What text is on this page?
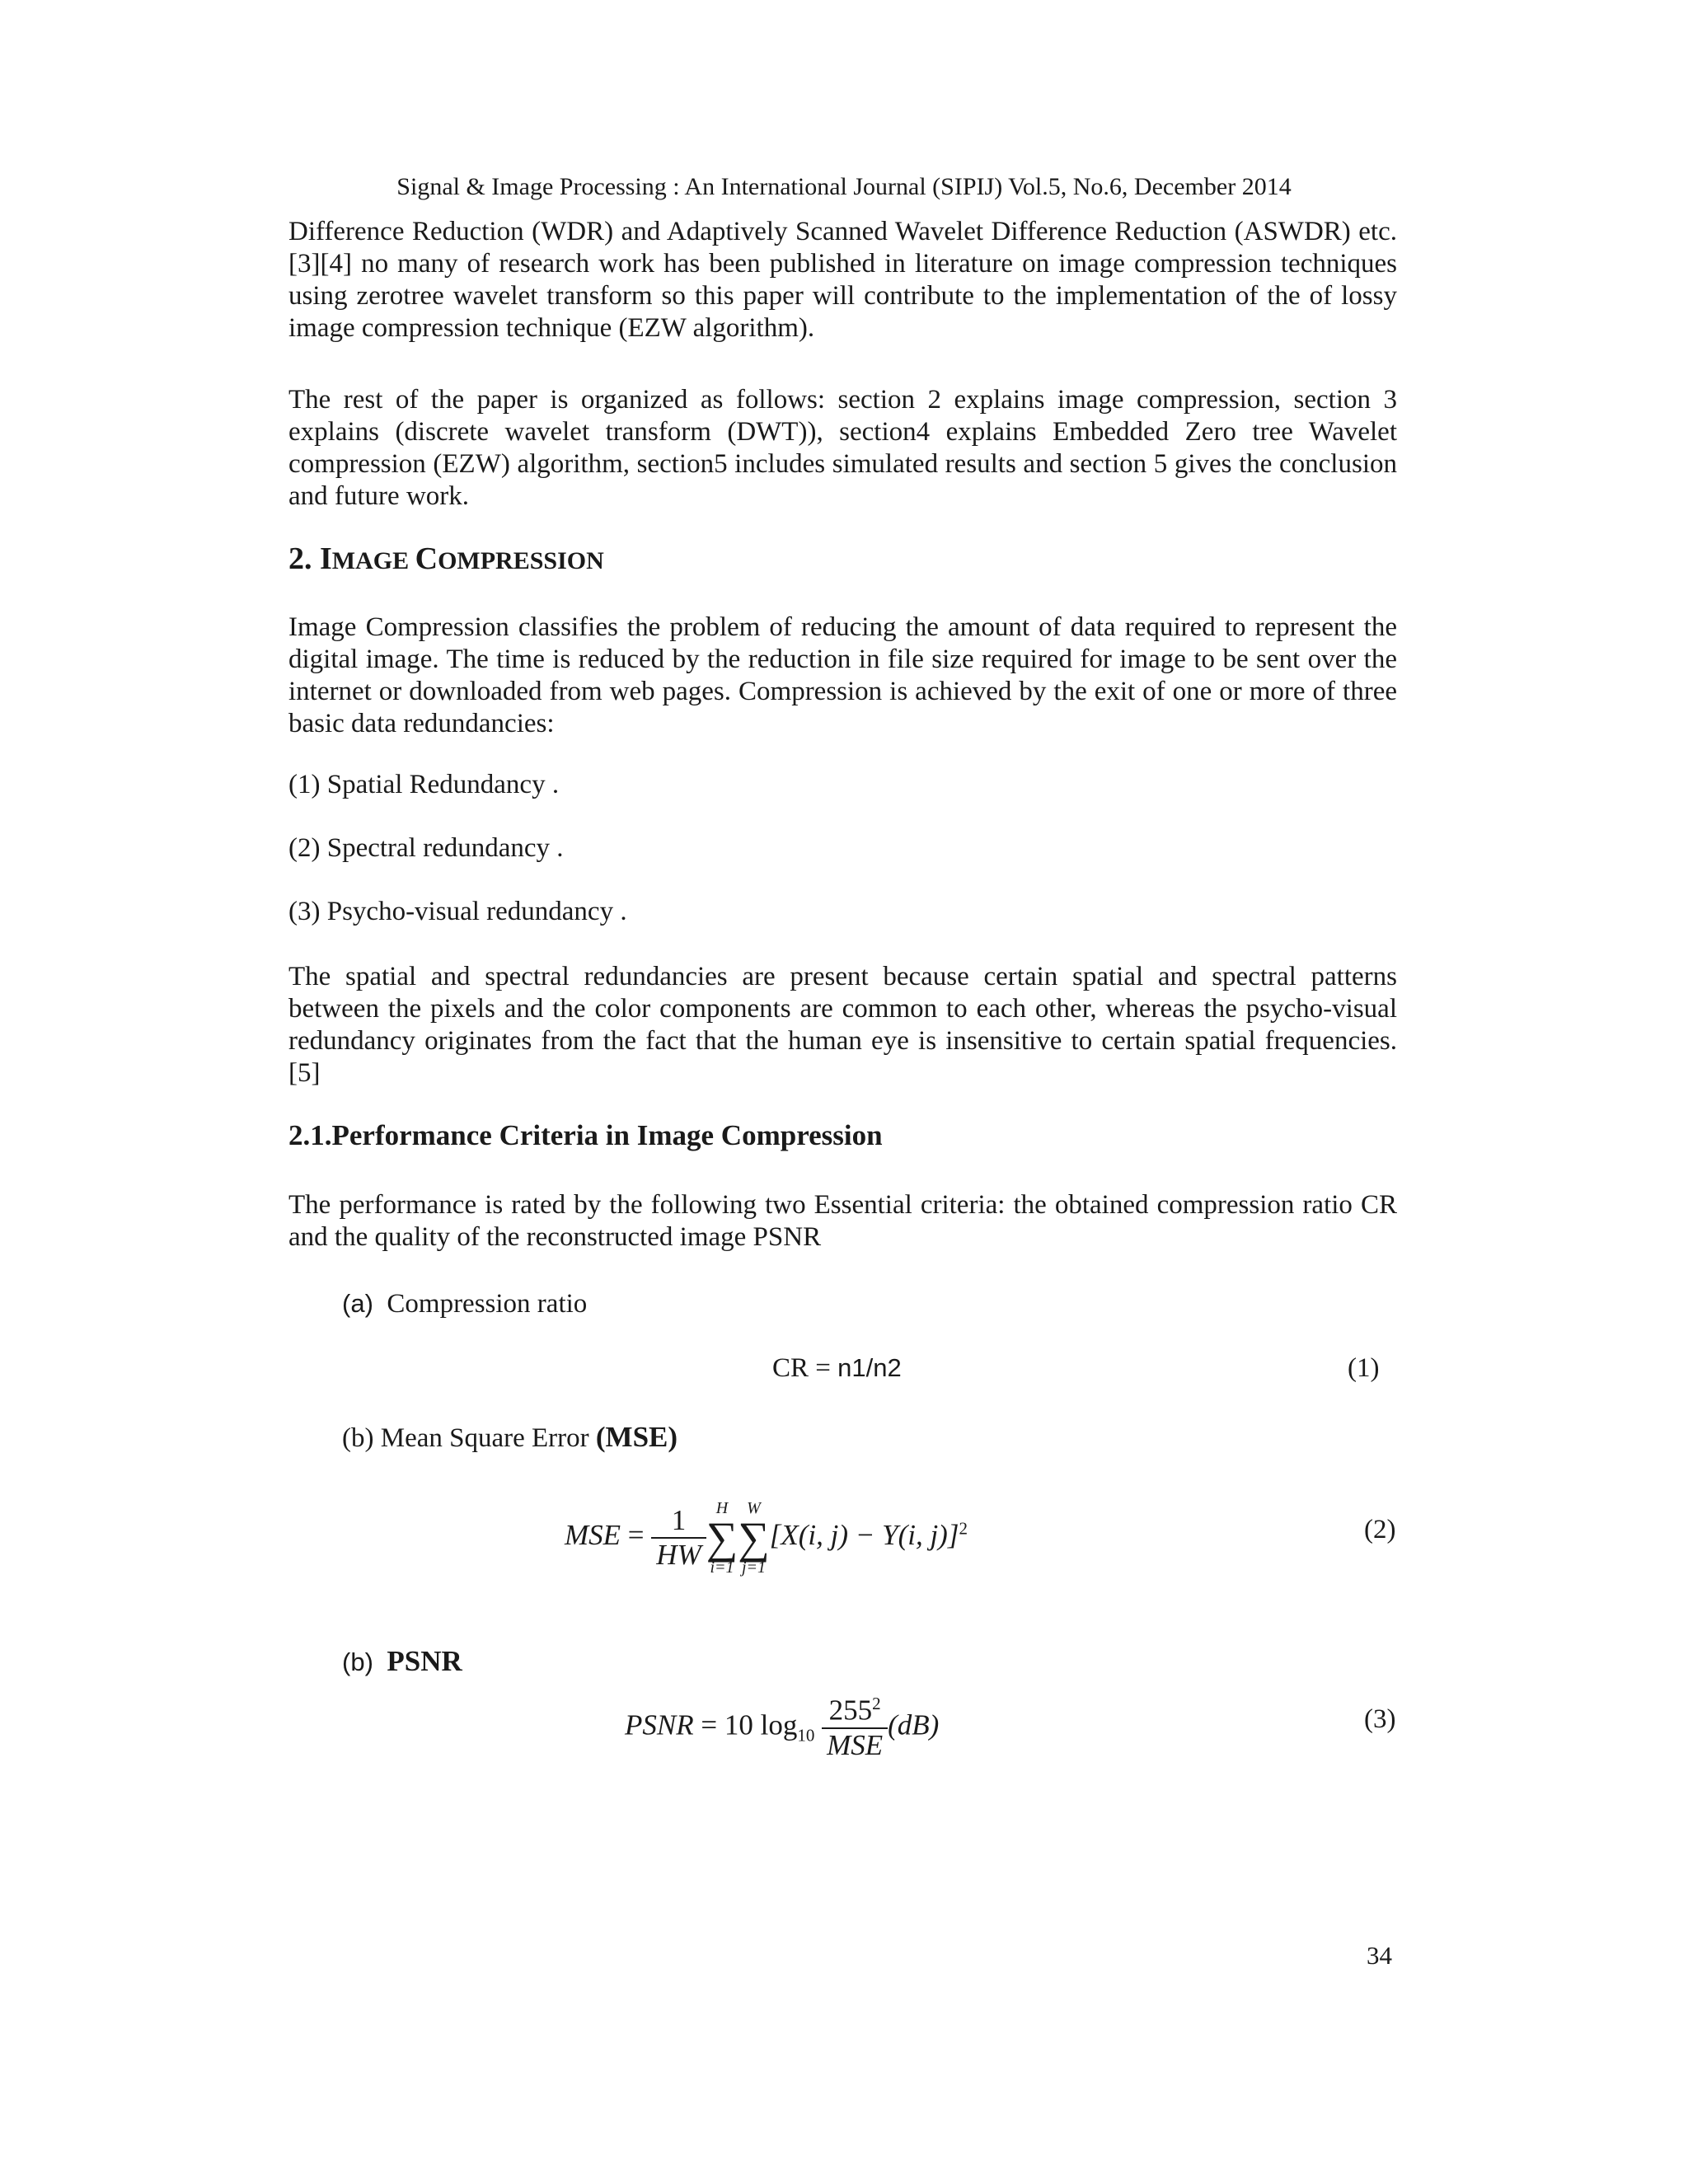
Signal & Image Processing : An International Journal (SIPIJ) Vol.5, No.6, December 2014

Difference Reduction (WDR) and Adaptively Scanned Wavelet Difference Reduction (ASWDR) etc.[3][4] no many of research work has been published in literature on image compression techniques using zerotree wavelet transform so this paper will contribute to the implementation of the of lossy image compression technique (EZW algorithm).

The rest of the paper is organized as follows: section 2 explains image compression, section 3 explains (discrete wavelet transform (DWT)), section4 explains Embedded Zero tree Wavelet compression (EZW) algorithm, section5 includes simulated results and section 5 gives the conclusion and future work.

2. IMAGE COMPRESSION

Image Compression classifies the problem of reducing the amount of data required to represent the digital image. The time is reduced by the reduction in file size required for image to be sent over the internet or downloaded from web pages. Compression is achieved by the exit of one or more of three basic data redundancies:

(1) Spatial Redundancy .
(2) Spectral redundancy .
(3) Psycho-visual redundancy .

The spatial and spectral redundancies are present because certain spatial and spectral patterns between the pixels and the color components are common to each other, whereas the psycho-visual redundancy originates from the fact that the human eye is insensitive to certain spatial frequencies. [5]

2.1.Performance Criteria in Image Compression

The performance is rated by the following two Essential criteria: the obtained compression ratio CR and the quality of the reconstructed image PSNR

(a) Compression ratio
CR = n1/n2	(1)
(b) Mean Square Error (MSE)
MSE = $\frac{1}{HW}$ H
∑
i=1
W
∑
j=1
[X(i, j) − Y(i, j)]$^2$	(2)
(b) PSNR
PSNR = 10 $\log_{10} \frac{255^2}{\text{MSE}} (dB)$	(3)
34
